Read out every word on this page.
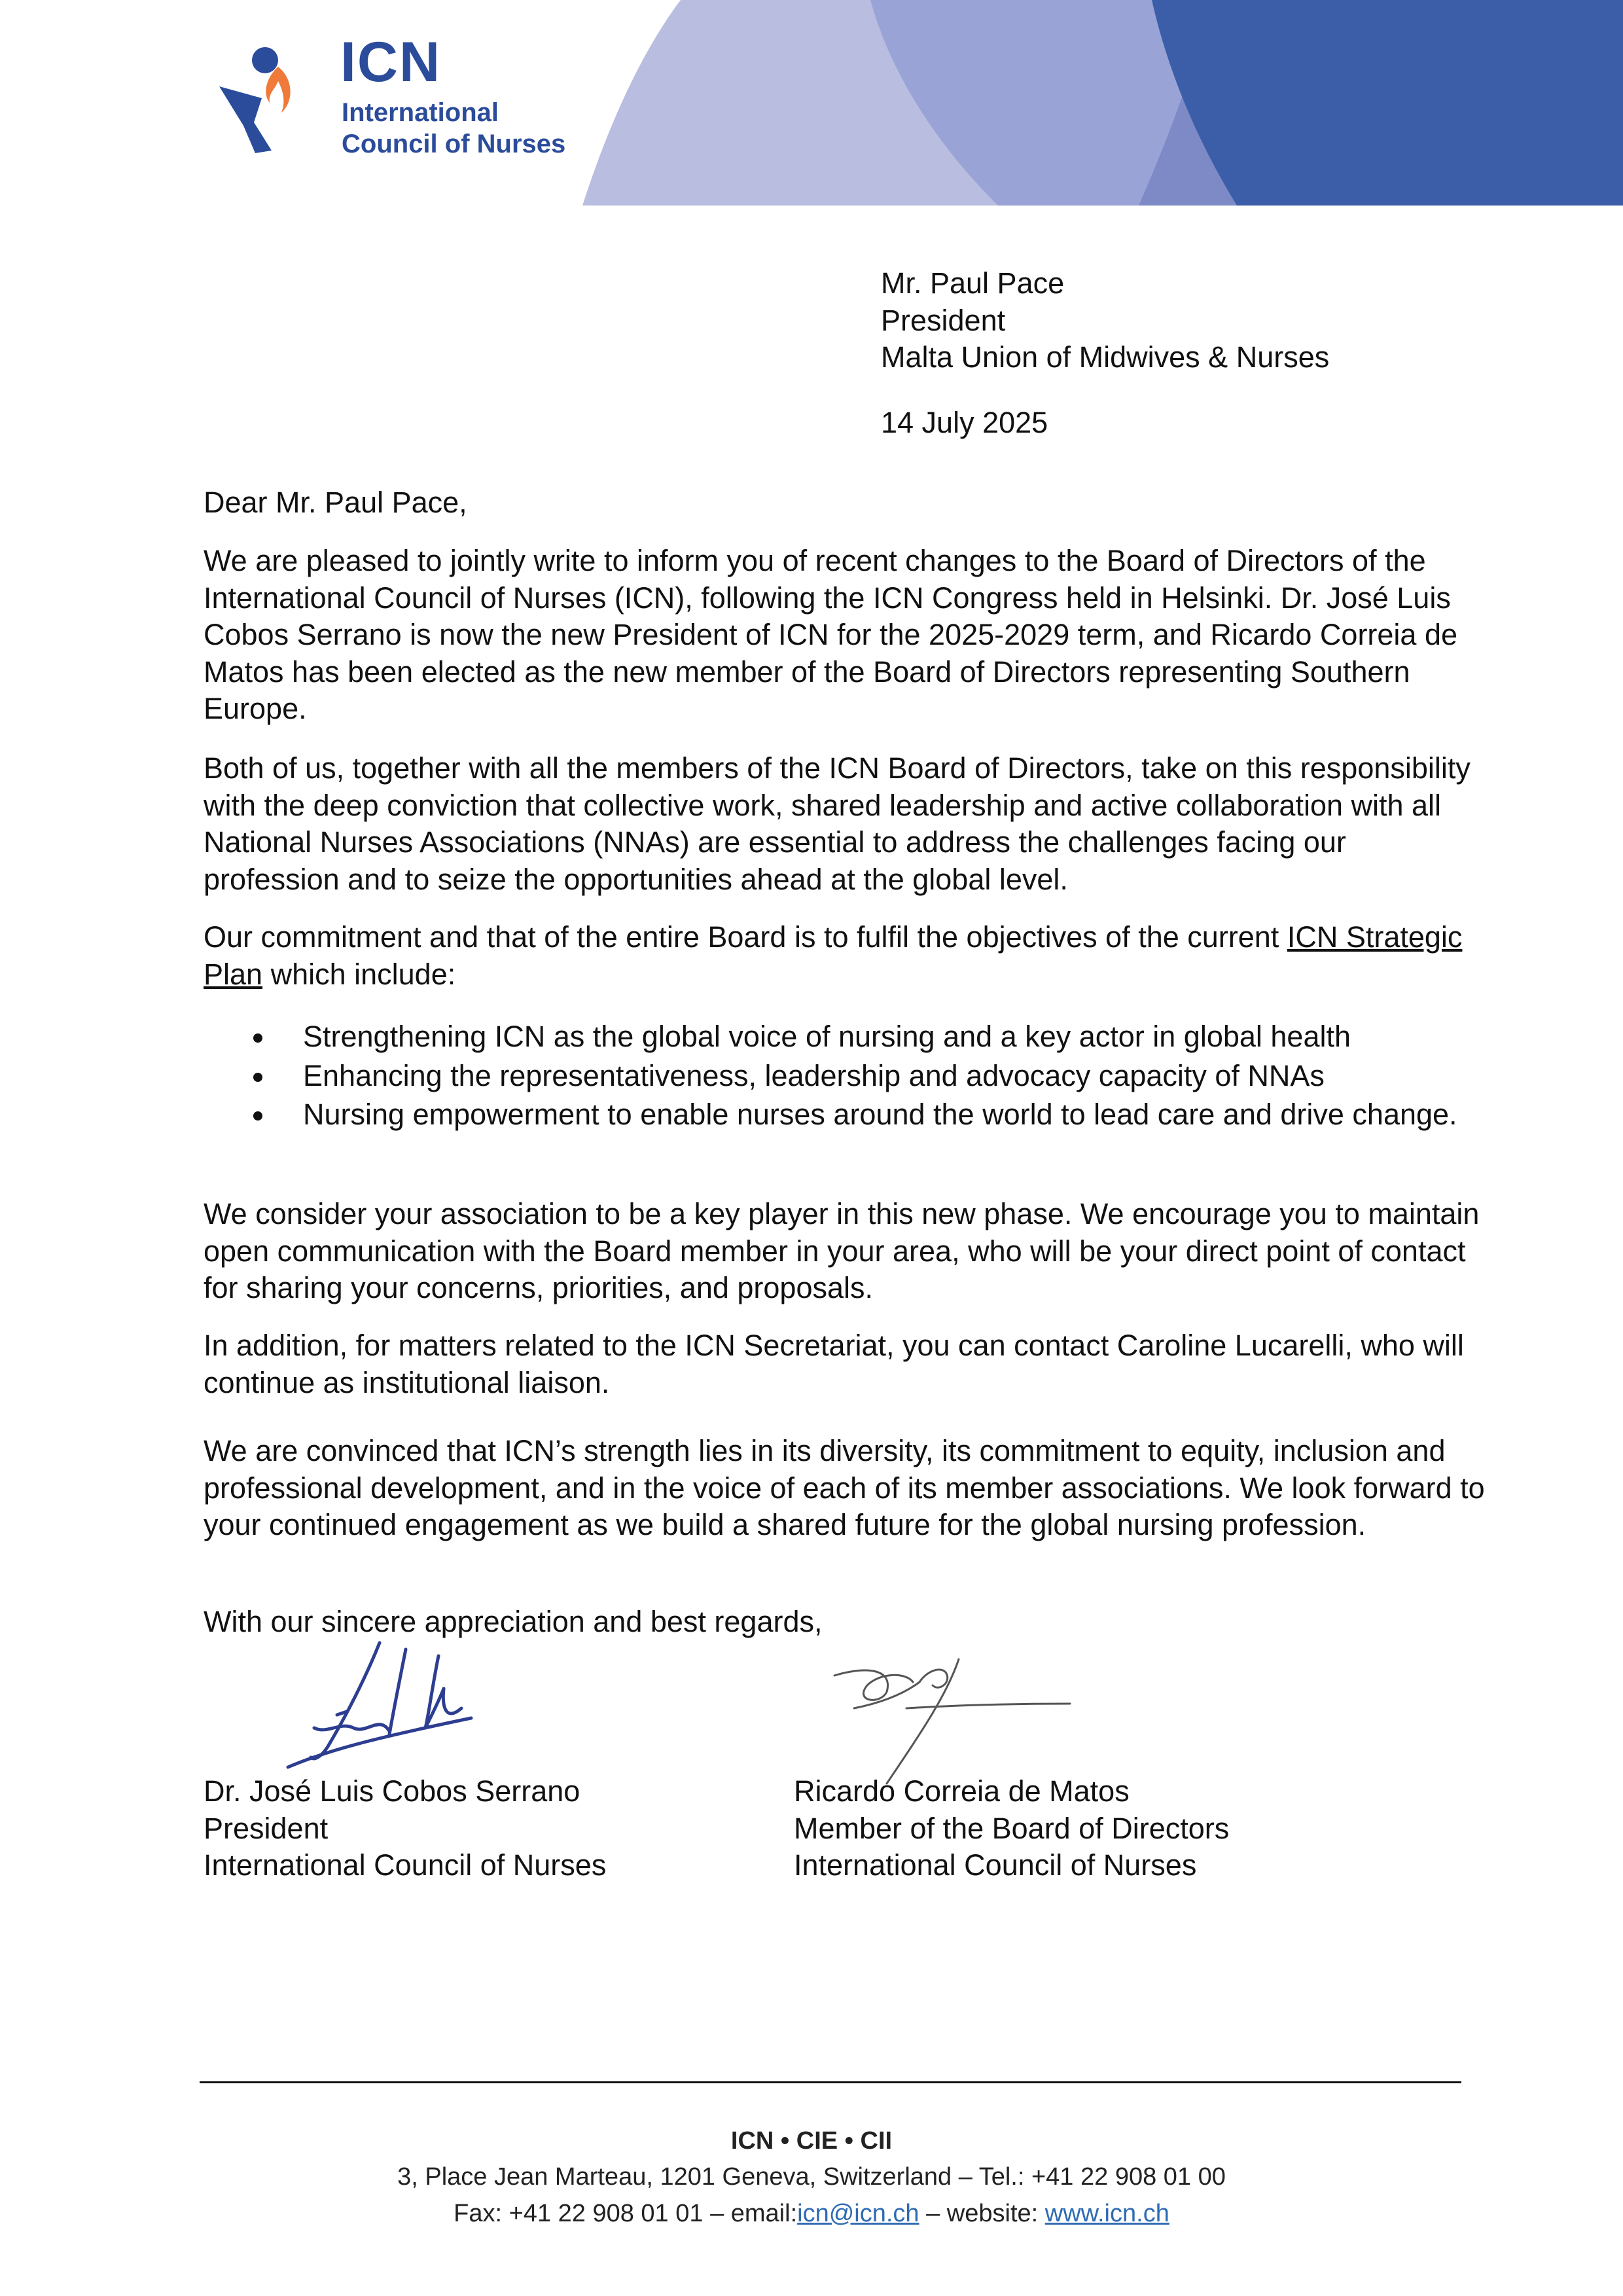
ICN
International
Council of Nurses
Mr. Paul Pace
President
Malta Union of Midwives & Nurses
14 July 2025
Dear Mr. Paul Pace,

We are pleased to jointly write to inform you of recent changes to the Board of Directors of the International Council of Nurses (ICN), following the ICN Congress held in Helsinki. Dr. José Luis Cobos Serrano is now the new President of ICN for the 2025-2029 term, and Ricardo Correia de Matos has been elected as the new member of the Board of Directors representing Southern Europe.

Both of us, together with all the members of the ICN Board of Directors, take on this responsibility with the deep conviction that collective work, shared leadership and active collaboration with all National Nurses Associations (NNAs) are essential to address the challenges facing our profession and to seize the opportunities ahead at the global level.

Our commitment and that of the entire Board is to fulfil the objectives of the current ICN Strategic Plan which include:

Strengthening ICN as the global voice of nursing and a key actor in global health
Enhancing the representativeness, leadership and advocacy capacity of NNAs
Nursing empowerment to enable nurses around the world to lead care and drive change.

We consider your association to be a key player in this new phase. We encourage you to maintain open communication with the Board member in your area, who will be your direct point of contact for sharing your concerns, priorities, and proposals.

In addition, for matters related to the ICN Secretariat, you can contact Caroline Lucarelli, who will continue as institutional liaison.

We are convinced that ICN’s strength lies in its diversity, its commitment to equity, inclusion and professional development, and in the voice of each of its member associations. We look forward to your continued engagement as we build a shared future for the global nursing profession.

With our sincere appreciation and best regards,
Dr. José Luis Cobos Serrano
President
International Council of Nurses
Ricardo Correia de Matos
Member of the Board of Directors
International Council of Nurses
ICN • CIE • CII
3, Place Jean Marteau, 1201 Geneva, Switzerland – Tel.: +41 22 908 01 00
Fax: +41 22 908 01 01 – email:icn@icn.ch – website: www.icn.ch
